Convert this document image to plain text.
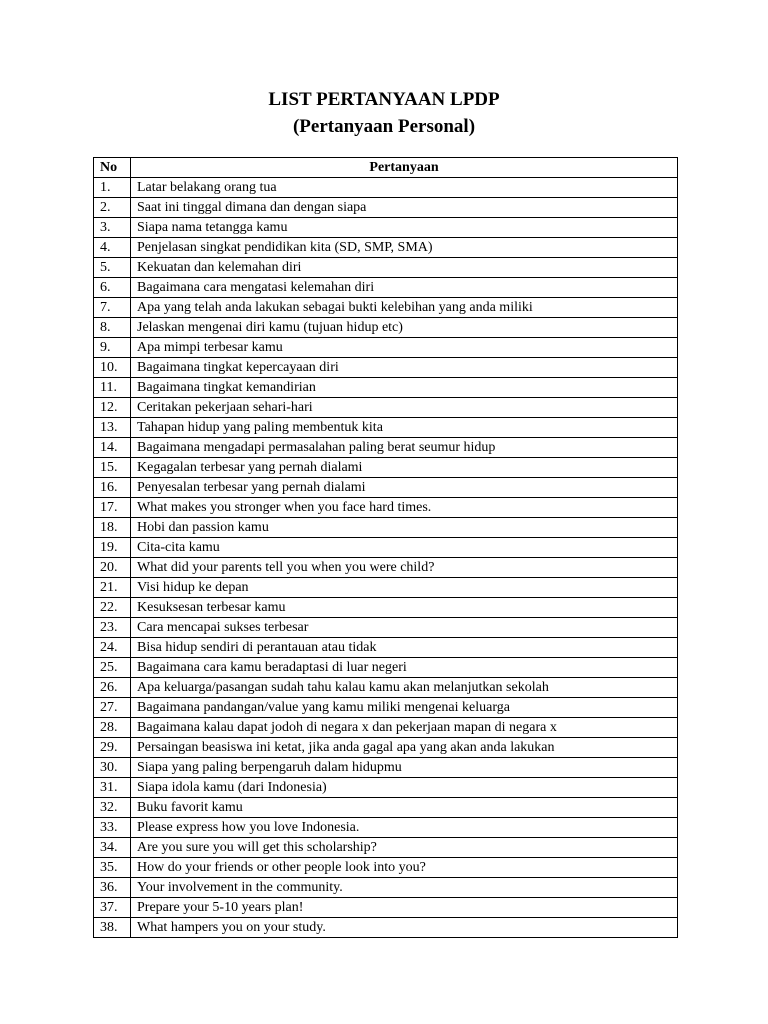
LIST PERTANYAAN LPDP
(Pertanyaan Personal)
No	Pertanyaan
1.	Latar belakang orang tua
2.	Saat ini tinggal dimana dan dengan siapa
3.	Siapa nama tetangga kamu
4.	Penjelasan singkat pendidikan kita (SD, SMP, SMA)
5.	Kekuatan dan kelemahan diri
6.	Bagaimana cara mengatasi kelemahan diri
7.	Apa yang telah anda lakukan sebagai bukti kelebihan yang anda miliki
8.	Jelaskan mengenai diri kamu (tujuan hidup etc)
9.	Apa mimpi terbesar kamu
10.	Bagaimana tingkat kepercayaan diri
11.	Bagaimana tingkat kemandirian
12.	Ceritakan pekerjaan sehari-hari
13.	Tahapan hidup yang paling membentuk kita
14.	Bagaimana mengadapi permasalahan paling berat seumur hidup
15.	Kegagalan terbesar yang pernah dialami
16.	Penyesalan terbesar yang pernah dialami
17.	What makes you stronger when you face hard times.
18.	Hobi dan passion kamu
19.	Cita-cita kamu
20.	What did your parents tell you when you were child?
21.	Visi hidup ke depan
22.	Kesuksesan terbesar kamu
23.	Cara mencapai sukses terbesar
24.	Bisa hidup sendiri di perantauan atau tidak
25.	Bagaimana cara kamu beradaptasi di luar negeri
26.	Apa keluarga/pasangan sudah tahu kalau kamu akan melanjutkan sekolah
27.	Bagaimana pandangan/value yang kamu miliki mengenai keluarga
28.	Bagaimana kalau dapat jodoh di negara x dan pekerjaan mapan di negara x
29.	Persaingan beasiswa ini ketat, jika anda gagal apa yang akan anda lakukan
30.	Siapa yang paling berpengaruh dalam hidupmu
31.	Siapa idola kamu (dari Indonesia)
32.	Buku favorit kamu
33.	Please express how you love Indonesia.
34.	Are you sure you will get this scholarship?
35.	How do your friends or other people look into you?
36.	Your involvement in the community.
37.	Prepare your 5-10 years plan!
38.	What hampers you on your study.
